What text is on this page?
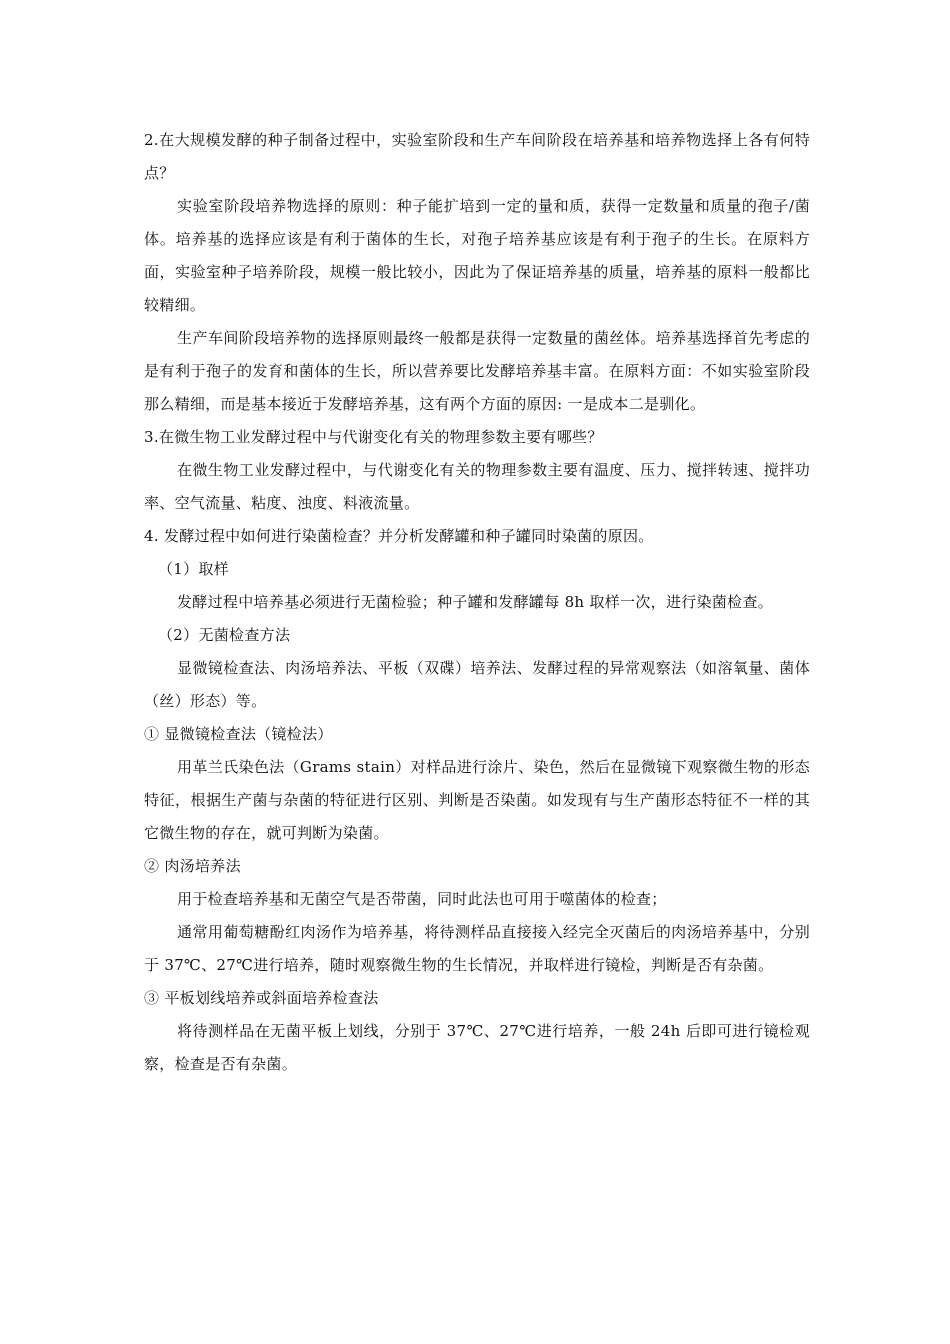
2.在大规模发酵的种子制备过程中，实验室阶段和生产车间阶段在培养基和培养物选择上各有何特点？
实验室阶段培养物选择的原则：种子能扩培到一定的量和质，获得一定数量和质量的孢子/菌体。培养基的选择应该是有利于菌体的生长，对孢子培养基应该是有利于孢子的生长。在原料方面，实验室种子培养阶段，规模一般比较小，因此为了保证培养基的质量，培养基的原料一般都比较精细。
生产车间阶段培养物的选择原则最终一般都是获得一定数量的菌丝体。培养基选择首先考虑的是有利于孢子的发育和菌体的生长，所以营养要比发酵培养基丰富。在原料方面：不如实验室阶段那么精细，而是基本接近于发酵培养基，这有两个方面的原因: 一是成本二是驯化。
3.在微生物工业发酵过程中与代谢变化有关的物理参数主要有哪些？
在微生物工业发酵过程中，与代谢变化有关的物理参数主要有温度、压力、搅拌转速、搅拌功率、空气流量、粘度、浊度、料液流量。
4. 发酵过程中如何进行染菌检查？并分析发酵罐和种子罐同时染菌的原因。
（1）取样
发酵过程中培养基必须进行无菌检验；种子罐和发酵罐每 8h 取样一次，进行染菌检查。
（2）无菌检查方法
显微镜检查法、肉汤培养法、平板（双碟）培养法、发酵过程的异常观察法（如溶氧量、菌体（丝）形态）等。
① 显微镜检查法（镜检法）
用革兰氏染色法（Grams stain）对样品进行涂片、染色，然后在显微镜下观察微生物的形态特征，根据生产菌与杂菌的特征进行区别、判断是否染菌。如发现有与生产菌形态特征不一样的其它微生物的存在，就可判断为染菌。
② 肉汤培养法
用于检查培养基和无菌空气是否带菌，同时此法也可用于噬菌体的检查；
通常用葡萄糖酚红肉汤作为培养基，将待测样品直接接入经完全灭菌后的肉汤培养基中，分别于 37℃、27℃进行培养，随时观察微生物的生长情况，并取样进行镜检，判断是否有杂菌。
③ 平板划线培养或斜面培养检查法
将待测样品在无菌平板上划线，分别于 37℃、27℃进行培养，一般 24h 后即可进行镜检观察，检查是否有杂菌。
